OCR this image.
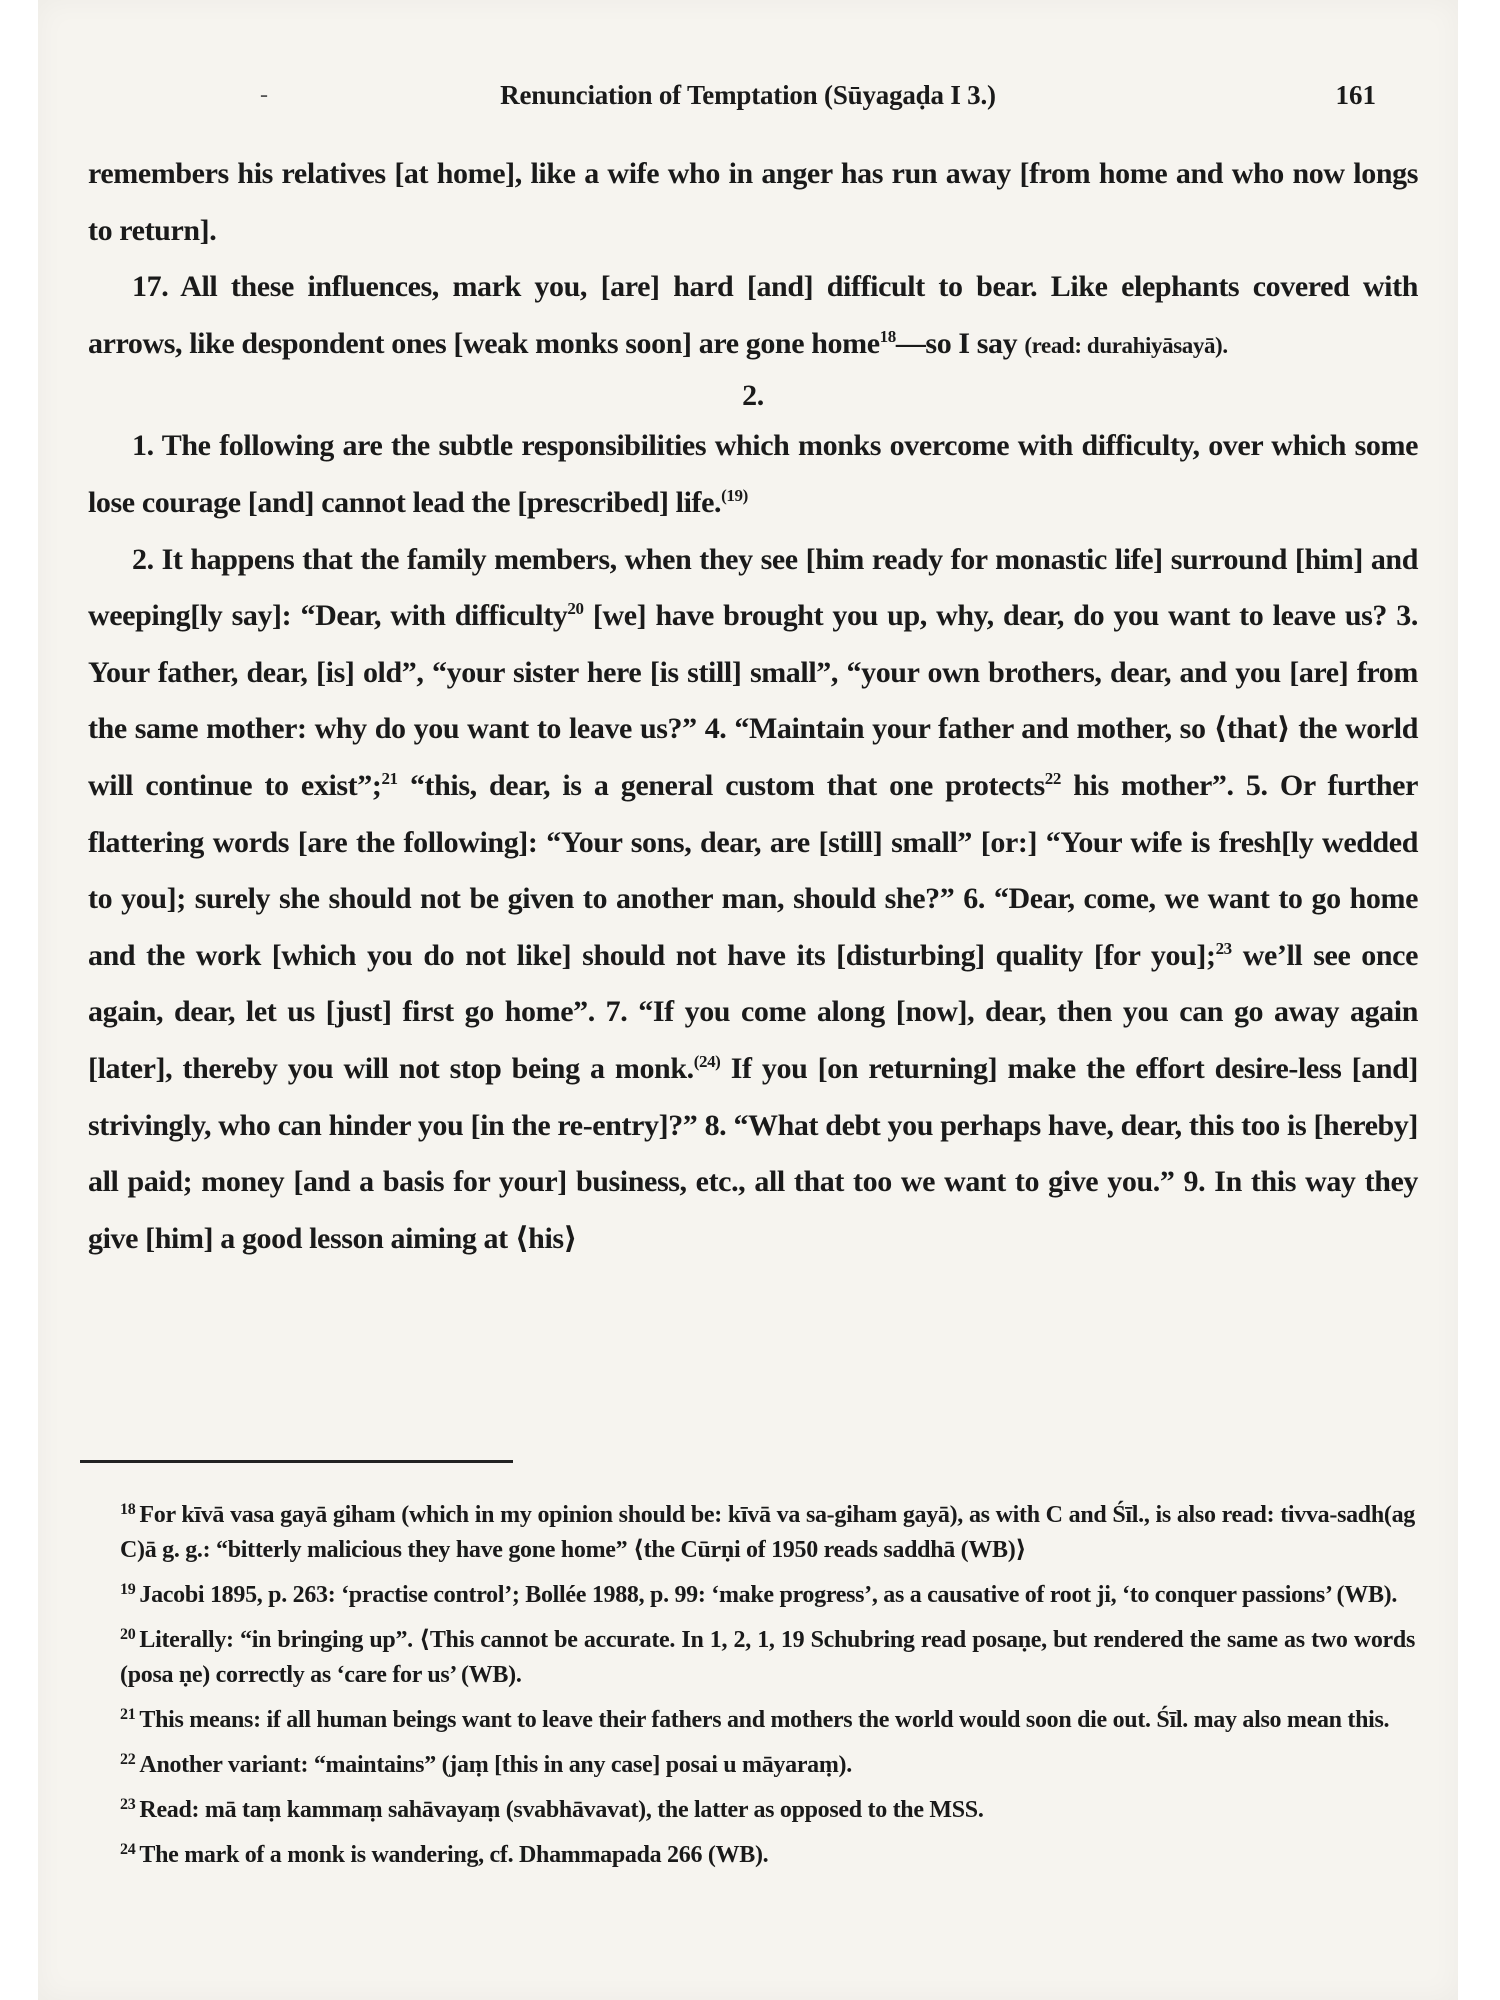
-	Renunciation of Temptation (Sūyagaḍa I 3.)	161

remembers his relatives [at home], like a wife who in anger has run away [from home and who now longs to return].

17. All these influences, mark you, [are] hard [and] difficult to bear. Like elephants covered with arrows, like despondent ones [weak monks soon] are gone home$^{18}$—so I say (read: durahiyāsayā).

2.

1. The following are the subtle responsibilities which monks overcome with difficulty, over which some lose courage [and] cannot lead the [prescribed] life.$^{(19)}$

2. It happens that the family members, when they see [him ready for monastic life] surround [him] and weeping[ly say]: “Dear, with difficulty$^{20}$ [we] have brought you up, why, dear, do you want to leave us? 3. Your father, dear, [is] old”, “your sister here [is still] small”, “your own brothers, dear, and you [are] from the same mother: why do you want to leave us?” 4. “Maintain your father and mother, so ⟨that⟩ the world will continue to exist”;$^{21}$ “this, dear, is a general custom that one protects$^{22}$ his mother”. 5. Or further flattering words [are the following]: “Your sons, dear, are [still] small” [or:] “Your wife is fresh[ly wedded to you]; surely she should not be given to another man, should she?” 6. “Dear, come, we want to go home and the work [which you do not like] should not have its [disturbing] quality [for you];$^{23}$ we’ll see once again, dear, let us [just] first go home”. 7. “If you come along [now], dear, then you can go away again [later], thereby you will not stop being a monk.$^{(24)}$ If you [on returning] make the effort desire-less [and] strivingly, who can hinder you [in the re-entry]?” 8. “What debt you perhaps have, dear, this too is [hereby] all paid; money [and a basis for your] business, etc., all that too we want to give you.” 9. In this way they give [him] a good lesson aiming at ⟨his⟩

$^{18}$ For kīvā vasa gayā giham (which in my opinion should be: kīvā va sa-giham gayā), as with C and Śīl., is also read: tivva-sadh(ag C)ā g. g.: “bitterly malicious they have gone home” ⟨the Cūrṇi of 1950 reads saddhā (WB)⟩

$^{19}$ Jacobi 1895, p. 263: ‘practise control’; Bollée 1988, p. 99: ‘make progress’, as a causative of root ji, ‘to conquer passions’ (WB).

$^{20}$ Literally: “in bringing up”. ⟨This cannot be accurate. In 1, 2, 1, 19 Schubring read posaṇe, but rendered the same as two words (posa ṇe) correctly as ‘care for us’ (WB).

$^{21}$ This means: if all human beings want to leave their fathers and mothers the world would soon die out. Śīl. may also mean this.

$^{22}$ Another variant: “maintains” (jaṃ [this in any case] posai u māyaraṃ).

$^{23}$ Read: mā taṃ kammaṃ sahāvayaṃ (svabhāvavat), the latter as opposed to the MSS.

$^{24}$ The mark of a monk is wandering, cf. Dhammapada 266 (WB).
